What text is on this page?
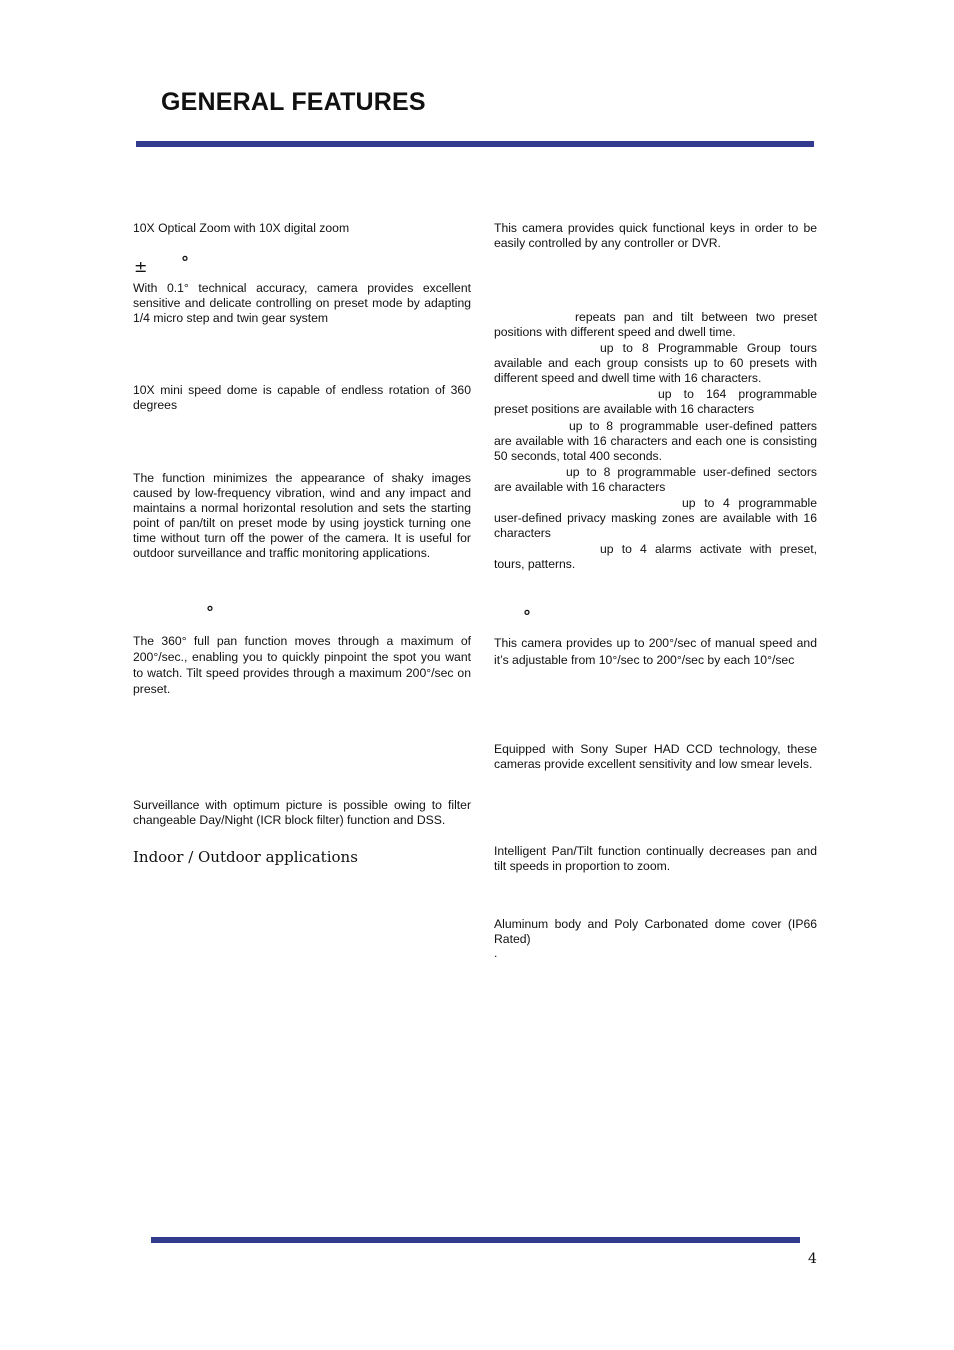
GENERAL FEATURES
10X Optical Zoom with 10X digital zoom
± °
With 0.1° technical accuracy, camera provides excellent sensitive and delicate controlling on preset mode by adapting 1/4 micro step and twin gear system
10X mini speed dome is capable of endless rotation of 360 degrees
The function minimizes the appearance of shaky images caused by low-frequency vibration, wind and any impact and maintains a normal horizontal resolution and sets the starting point of pan/tilt on preset mode by using joystick turning one time without turn off the power of the camera. It is useful for outdoor surveillance and traffic monitoring applications.
°
The 360° full pan function moves through a maximum of 200°/sec., enabling you to quickly pinpoint the spot you want to watch. Tilt speed provides through a maximum 200°/sec on preset.
Surveillance with optimum picture is possible owing to filter changeable Day/Night (ICR block filter) function and DSS.
Indoor / Outdoor applications
This camera provides quick functional keys in order to be easily controlled by any controller or DVR.
repeats pan and tilt between two preset positions with different speed and dwell time.
up to 8 Programmable Group tours available and each group consists up to 60 presets with different speed and dwell time with 16 characters.
up to 164 programmable preset positions are available with 16 characters
up to 8 programmable user-defined patters are available with 16 characters and each one is consisting 50 seconds, total 400 seconds.
up to 8 programmable user-defined sectors are available with 16 characters
up to 4 programmable user-defined privacy masking zones are available with 16 characters
up to 4 alarms activate with preset, tours, patterns.
°
This camera provides up to 200°/sec of manual speed and it’s adjustable from 10°/sec to 200°/sec by each 10°/sec
Equipped with Sony Super HAD CCD technology, these cameras provide excellent sensitivity and low smear levels.
Intelligent Pan/Tilt function continually decreases pan and tilt speeds in proportion to zoom.
Aluminum body and Poly Carbonated dome cover (IP66 Rated)
.
4
